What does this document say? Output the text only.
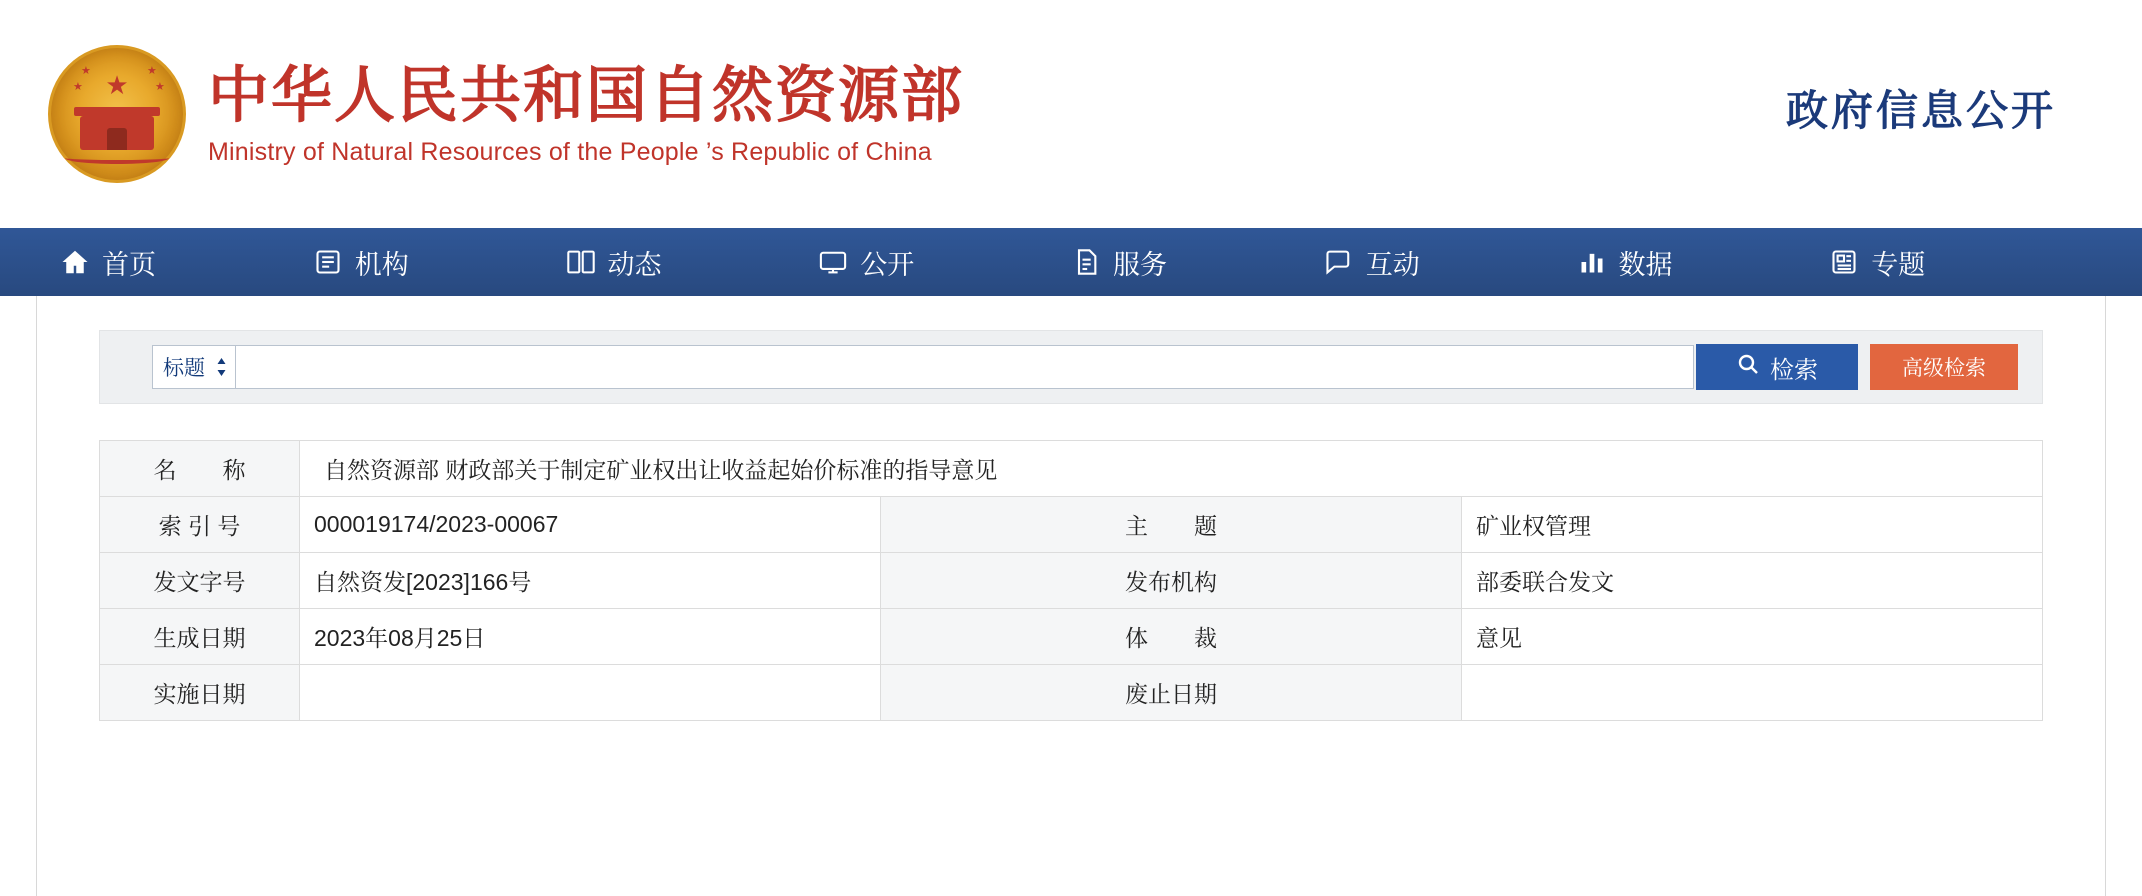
★
★
★
★
★ 中华人民共和国自然资源部
Ministry of Natural Resources of the People ’s Republic of China
政府信息公开
首页	机构	动态	公开	服务	互动	数据	专题
标题	检索	高级检索
名　　称	自然资源部 财政部关于制定矿业权出让收益起始价标准的指导意见		
索 引 号	000019174/2023-00067	主　　题	矿业权管理
发文字号	自然资发[2023]166号	发布机构	部委联合发文
生成日期	2023年08月25日	体　　裁	意见
实施日期		废止日期	
